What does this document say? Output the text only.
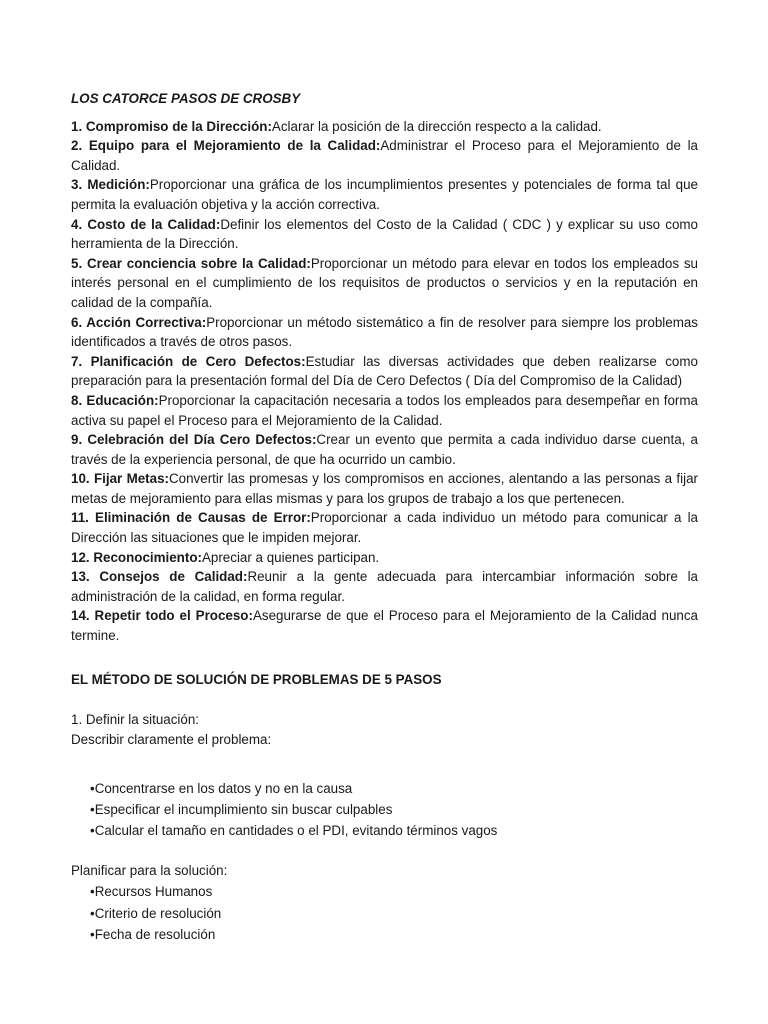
LOS CATORCE PASOS DE CROSBY
1. Compromiso de la Dirección:Aclarar la posición de la dirección respecto a la calidad.
2. Equipo para el Mejoramiento de la Calidad:Administrar el Proceso para el Mejoramiento de la Calidad.
3. Medición:Proporcionar una gráfica de los incumplimientos presentes y potenciales de forma tal que permita la evaluación objetiva y la acción correctiva.
4. Costo de la Calidad:Definir los elementos del Costo de la Calidad ( CDC ) y explicar su uso como herramienta de la Dirección.
5. Crear conciencia sobre la Calidad:Proporcionar un método para elevar en todos los empleados su interés personal en el cumplimiento de los requisitos de productos o servicios y en la reputación en calidad de la compañía.
6. Acción Correctiva:Proporcionar un método sistemático a fin de resolver para siempre los problemas identificados a través de otros pasos.
7. Planificación de Cero Defectos:Estudiar las diversas actividades que deben realizarse como preparación para la presentación formal del Día de Cero Defectos ( Día del Compromiso de la Calidad)
8. Educación:Proporcionar la capacitación necesaria a todos los empleados para desempeñar en forma activa su papel el Proceso para el Mejoramiento de la Calidad.
9. Celebración del Día Cero Defectos:Crear un evento que permita a cada individuo darse cuenta, a través de la experiencia personal, de que ha ocurrido un cambio.
10. Fijar Metas:Convertir las promesas y los compromisos en acciones, alentando a las personas a fijar metas de mejoramiento para ellas mismas y para los grupos de trabajo a los que pertenecen.
11. Eliminación de Causas de Error:Proporcionar a cada individuo un método para comunicar a la Dirección las situaciones que le impiden mejorar.
12. Reconocimiento:Apreciar a quienes participan.
13. Consejos de Calidad:Reunir a la gente adecuada para intercambiar información sobre la administración de la calidad, en forma regular.
14. Repetir todo el Proceso:Asegurarse de que el Proceso para el Mejoramiento de la Calidad nunca termine.
EL MÉTODO DE SOLUCIÓN DE PROBLEMAS DE 5 PASOS
1. Definir la situación:
Describir claramente el problema:
•Concentrarse en los datos y no en la causa
•Especificar el incumplimiento sin buscar culpables
•Calcular el tamaño en cantidades o el PDI, evitando términos vagos
Planificar para la solución:
•Recursos Humanos
•Criterio de resolución
•Fecha de resolución
